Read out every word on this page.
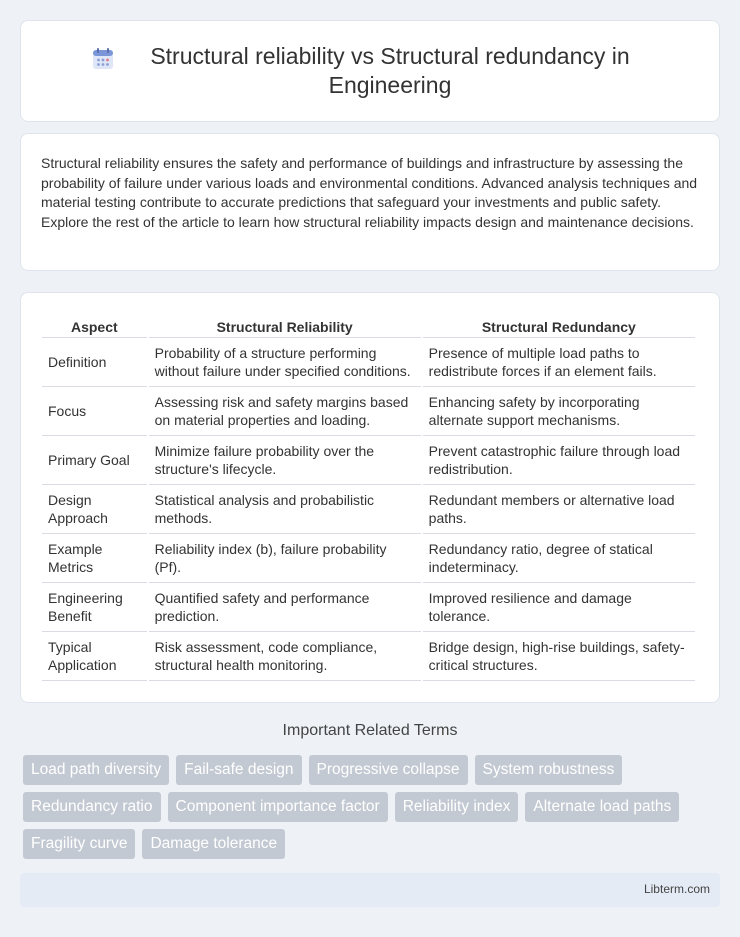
Structural reliability vs Structural redundancy in Engineering

Structural reliability ensures the safety and performance of buildings and infrastructure by assessing the probability of failure under various loads and environmental conditions. Advanced analysis techniques and material testing contribute to accurate predictions that safeguard your investments and public safety. Explore the rest of the article to learn how structural reliability impacts design and maintenance decisions.

Aspect	Structural Reliability	Structural Redundancy
Definition	Probability of a structure performing without failure under specified conditions.	Presence of multiple load paths to redistribute forces if an element fails.
Focus	Assessing risk and safety margins based on material properties and loading.	Enhancing safety by incorporating alternate support mechanisms.
Primary Goal	Minimize failure probability over the structure's lifecycle.	Prevent catastrophic failure through load redistribution.
Design Approach	Statistical analysis and probabilistic methods.	Redundant members or alternative load paths.
Example Metrics	Reliability index (b), failure probability (Pf).	Redundancy ratio, degree of statical indeterminacy.
Engineering Benefit	Quantified safety and performance prediction.	Improved resilience and damage tolerance.
Typical Application	Risk assessment, code compliance, structural health monitoring.	Bridge design, high-rise buildings, safety-critical structures.
Important Related Terms
Load path diversity	Fail-safe design	Progressive collapse	System robustness
Redundancy ratio	Component importance factor	Reliability index	Alternate load paths
Fragility curve	Damage tolerance
Libterm.com
